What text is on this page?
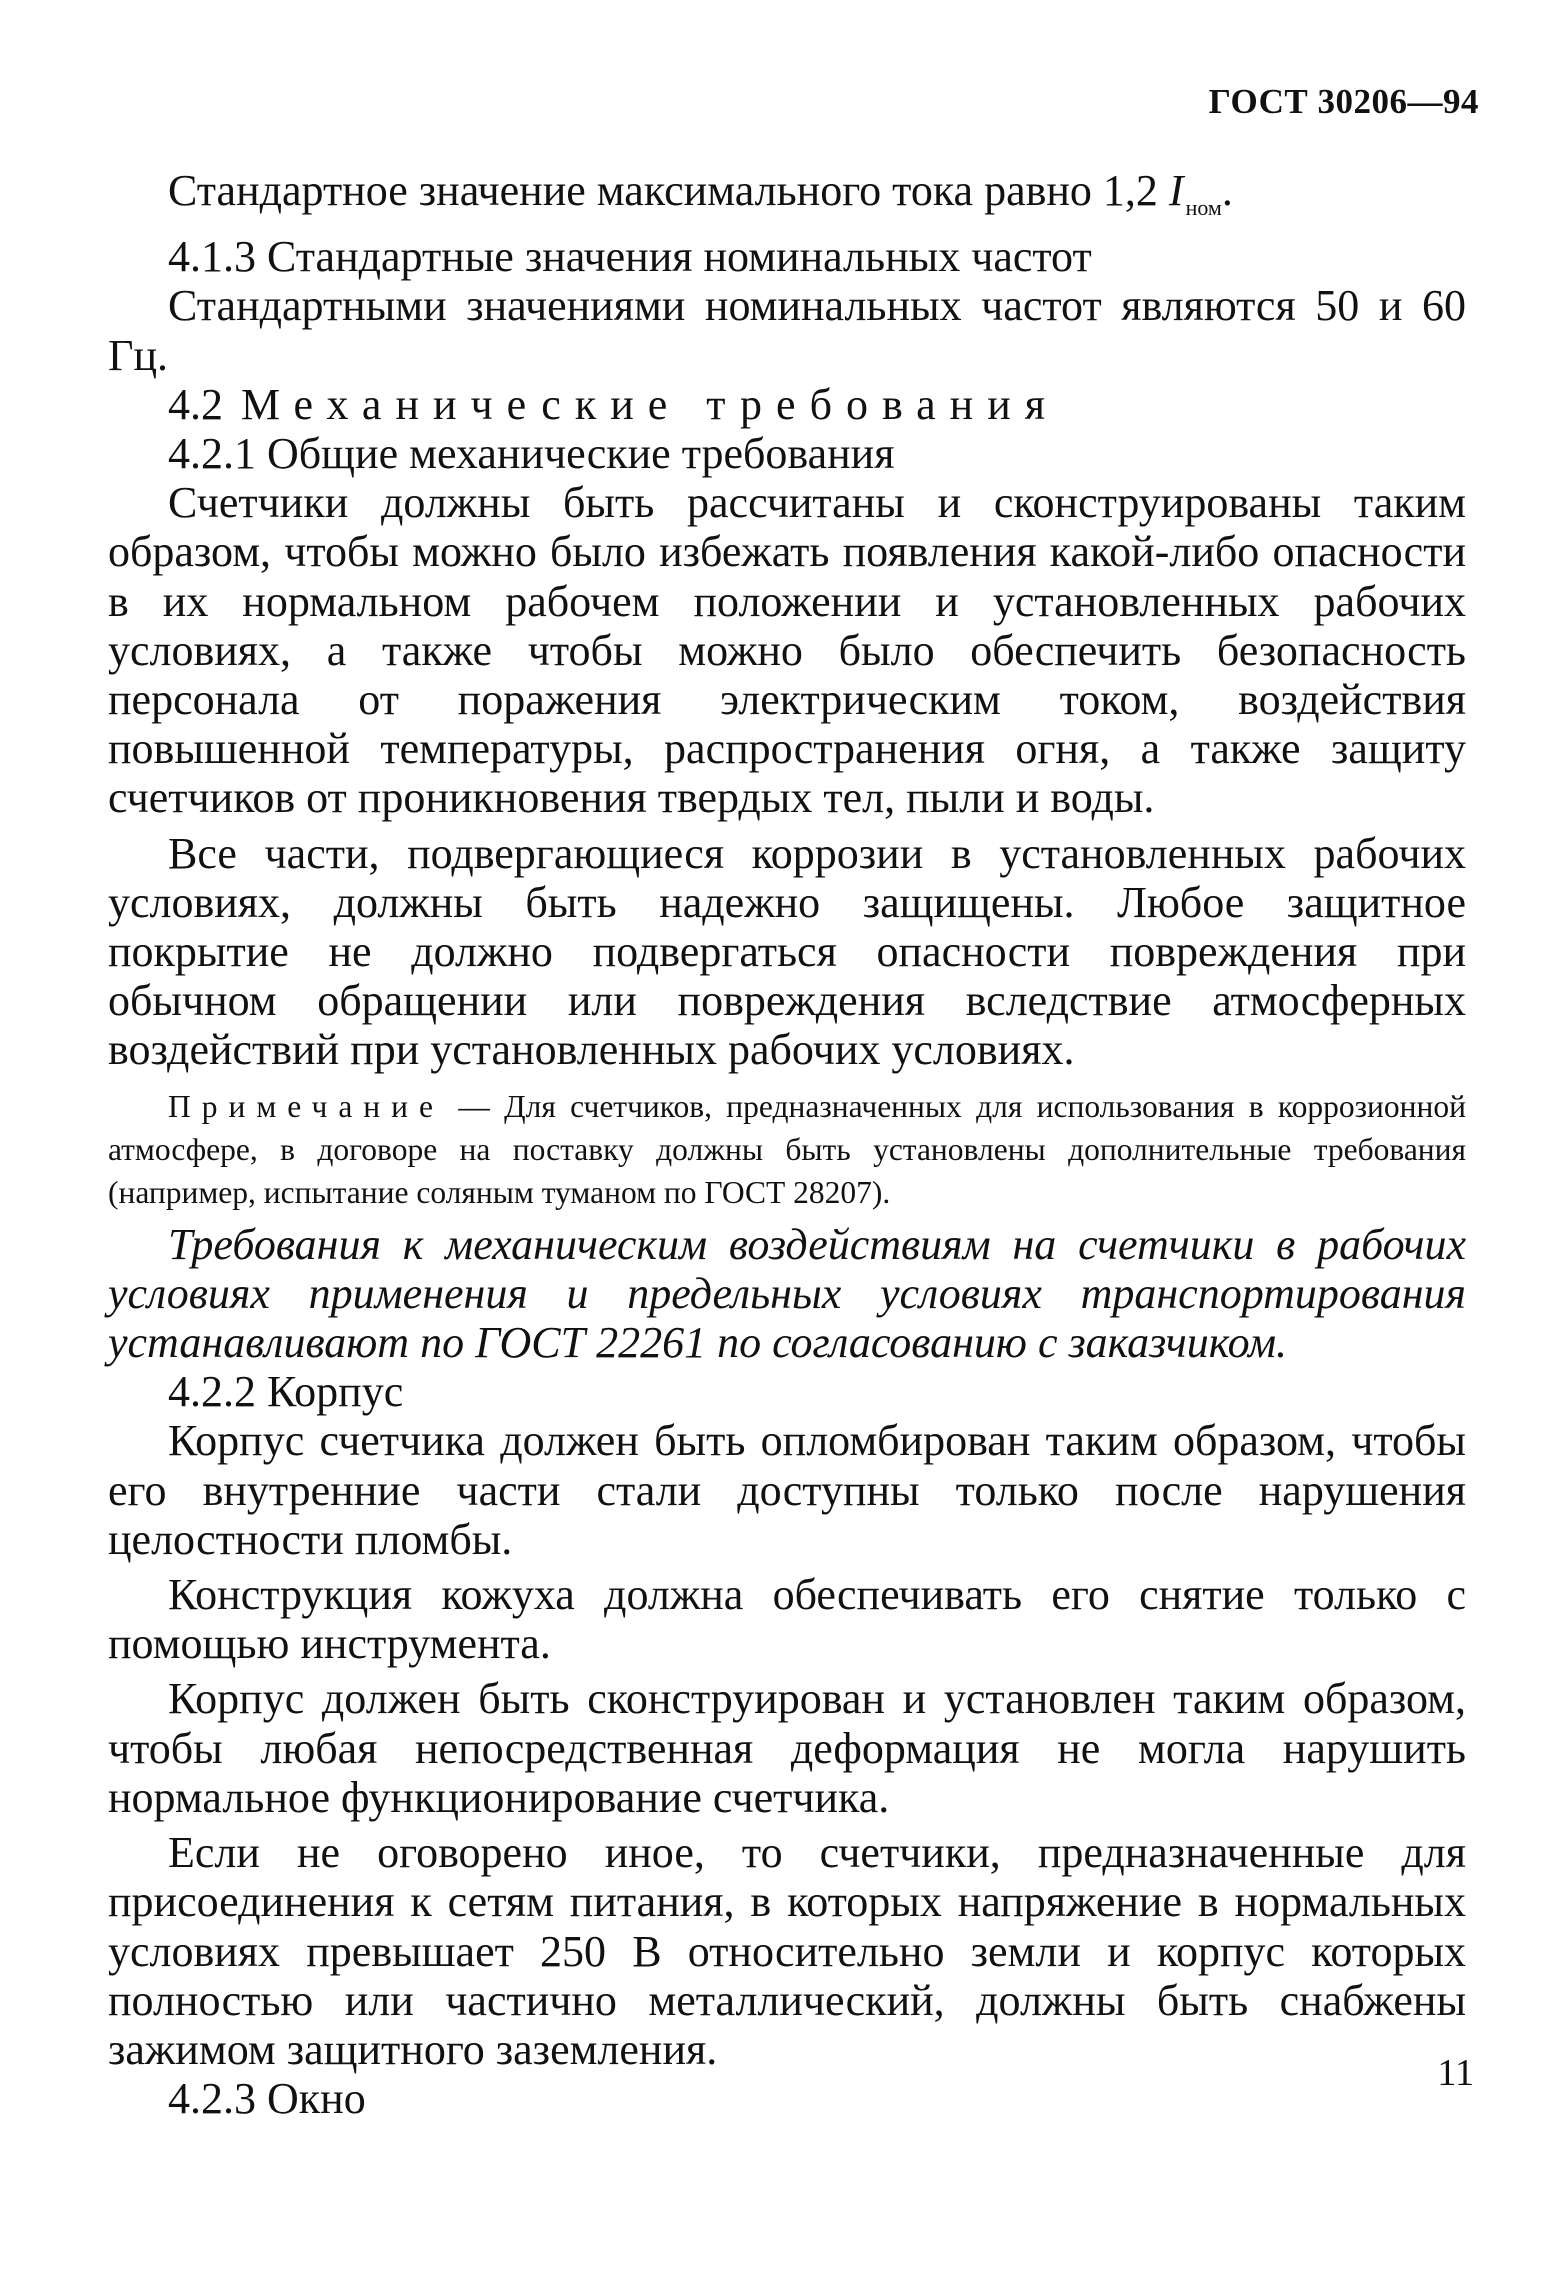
ГОСТ 30206—94

Стандартное значение максимального тока равно 1,2 $I_{ном}$.

4.1.3 Стандартные значения номинальных частот

Стандартными значениями номинальных частот являются 50 и 60 Гц.

4.2 Механические требования

4.2.1 Общие механические требования

Счетчики должны быть рассчитаны и сконструированы таким образом, чтобы можно было избежать появления какой-либо опасности в их нормальном рабочем положении и установленных рабочих условиях, а также чтобы можно было обеспечить безопасность персонала от поражения электрическим током, воздействия повышенной температуры, распространения огня, а также защиту счетчиков от проникновения твердых тел, пыли и воды.

Все части, подвергающиеся коррозии в установленных рабочих условиях, должны быть надежно защищены. Любое защитное покрытие не должно подвергаться опасности повреждения при обычном обращении или повреждения вследствие атмосферных воздействий при установленных рабочих условиях.

Примечание — Для счетчиков, предназначенных для использования в коррозионной атмосфере, в договоре на поставку должны быть установлены дополнительные требования (например, испытание соляным туманом по ГОСТ 28207).

Требования к механическим воздействиям на счетчики в рабочих условиях применения и предельных условиях транспортирования устанавливают по ГОСТ 22261 по согласованию с заказчиком.

4.2.2 Корпус

Корпус счетчика должен быть опломбирован таким образом, чтобы его внутренние части стали доступны только после нарушения целостности пломбы.

Конструкция кожуха должна обеспечивать его снятие только с помощью инструмента.

Корпус должен быть сконструирован и установлен таким образом, чтобы любая непосредственная деформация не могла нарушить нормальное функционирование счетчика.

Если не оговорено иное, то счетчики, предназначенные для присоединения к сетям питания, в которых напряжение в нормальных условиях превышает 250 В относительно земли и корпус которых полностью или частично металлический, должны быть снабжены зажимом защитного заземления.

4.2.3 Окно

11
